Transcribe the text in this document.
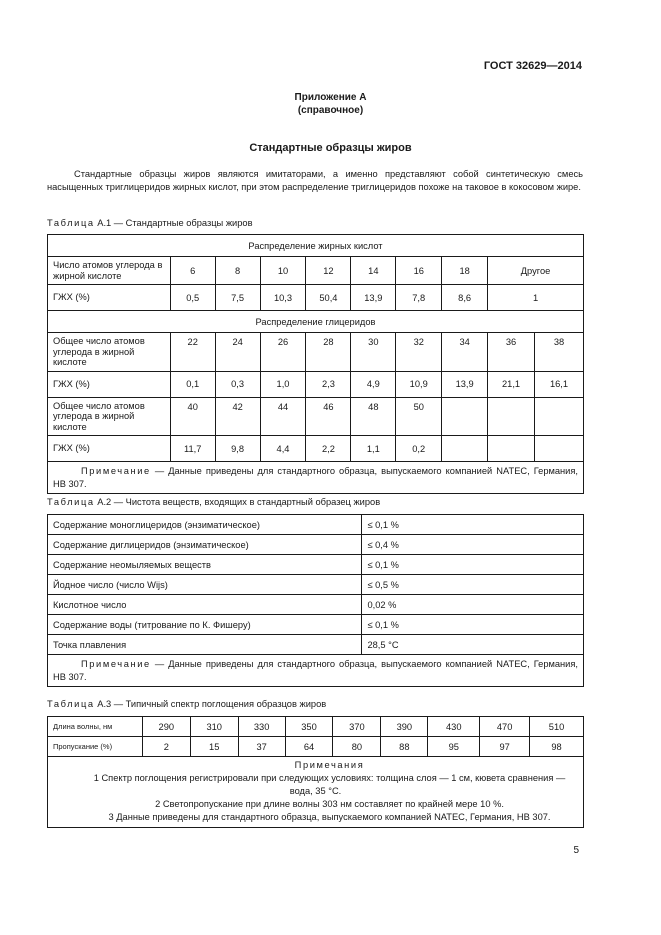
ГОСТ 32629—2014
Приложение А
(справочное)
Стандартные образцы жиров

Стандартные образцы жиров являются имитаторами, а именно представляют собой синтетическую смесь насыщенных триглицеридов жирных кислот, при этом распределение триглицеридов похоже на таковое в кокосовом жире.

Таблица А.1 — Стандартные образцы жиров
Распределение жирных кислот									
Число атомов углерода в жирной кислоте	6	8	10	12	14	16	18	Другое	
ГЖХ (%)	0,5	7,5	10,3	50,4	13,9	7,8	8,6	1	
Распределение глицеридов									
Общее число атомов углерода в жирной кислоте	22	24	26	28	30	32	34	36	38
ГЖХ (%)	0,1	0,3	1,0	2,3	4,9	10,9	13,9	21,1	16,1
Общее число атомов углерода в жирной кислоте	40	42	44	46	48	50			
ГЖХ (%)	11,7	9,8	4,4	2,2	1,1	0,2			
Примечание — Данные приведены для стандартного образца, выпускаемого компанией NATEC, Германия, НВ 307.									
Таблица А.2 — Чистота веществ, входящих в стандартный образец жиров
Содержание моноглицеридов (энзиматическое)	≤ 0,1 %
Содержание диглицеридов (энзиматическое)	≤ 0,4 %
Содержание неомыляемых веществ	≤ 0,1 %
Йодное число (число Wijs)	≤ 0,5 %
Кислотное число	0,02 %
Содержание воды (титрование по К. Фишеру)	≤ 0,1 %
Точка плавления	28,5 °С
Примечание — Данные приведены для стандартного образца, выпускаемого компанией NATEC, Германия, НВ 307.	
Таблица А.3 — Типичный спектр поглощения образцов жиров
Длина волны, нм	290	310	330	350	370	390	430	470	510
Пропускание (%)	2	15	37	64	80	88	95	97	98

Примечания
1 Спектр поглощения регистрировали при следующих условиях: толщина слоя — 1 см, кювета сравнения — вода, 35 °С.
2 Светопропускание при длине волны 303 нм составляет по крайней мере 10 %.
3 Данные приведены для стандартного образца, выпускаемого компанией NATEC, Германия, НВ 307.									
5
